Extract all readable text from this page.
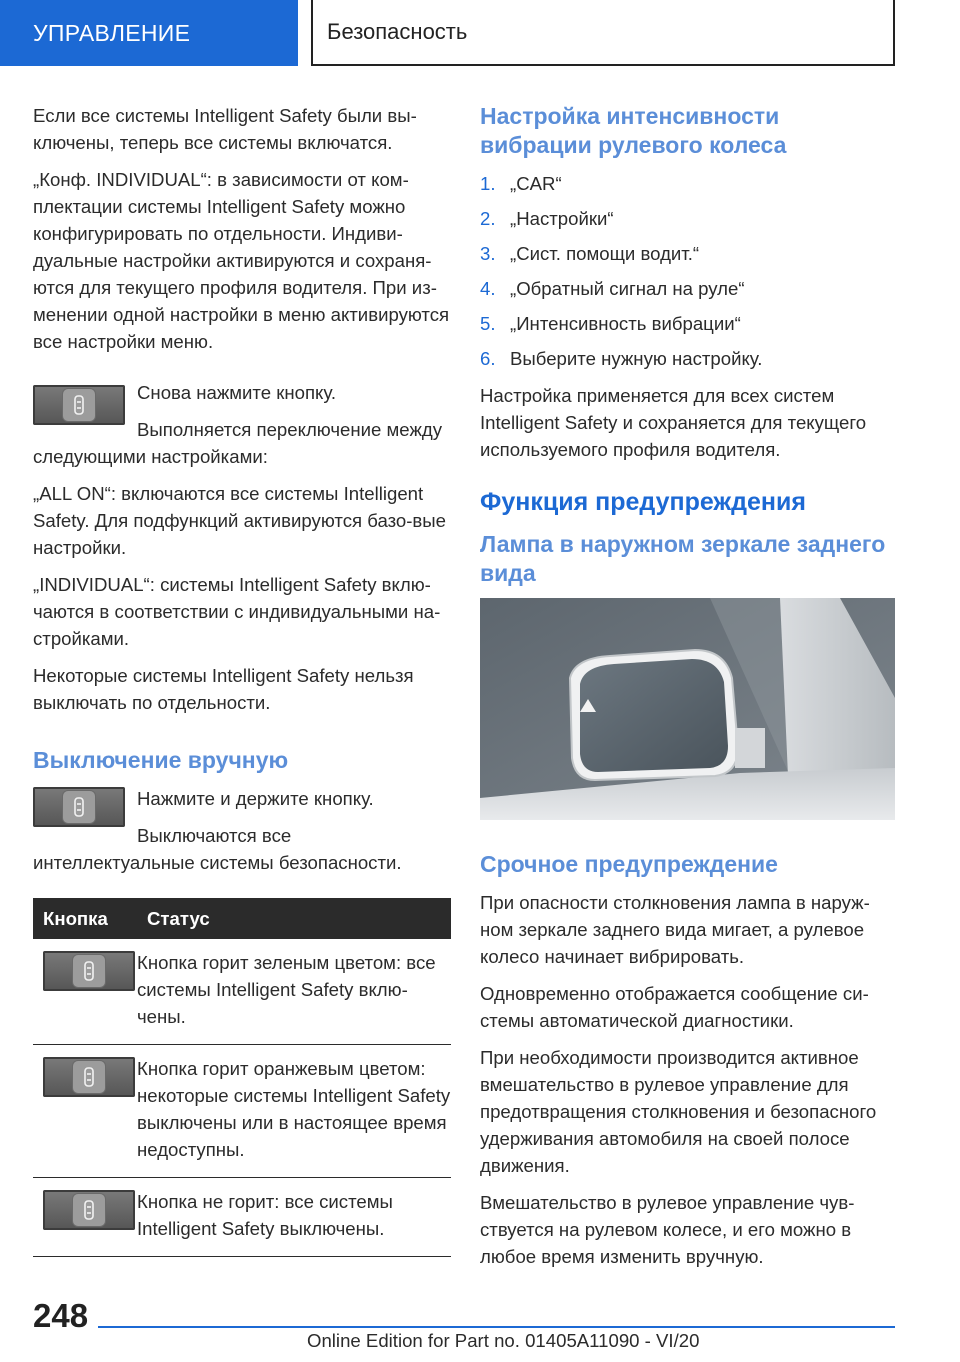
УПРАВЛЕНИЕ	Безопасность

Если все системы Intelligent Safety были вы-ключены, теперь все системы включатся.

„Конф. INDIVIDUAL“: в зависимости от ком-плектации системы Intelligent Safety можно конфигурировать по отдельности. Индиви-дуальные настройки активируются и сохраня-ются для текущего профиля водителя. При из-менении одной настройки в меню активируются все настройки меню.

Снова нажмите кнопку.

Выполняется переключение между следующими настройками:

„ALL ON“: включаются все системы Intelligent Safety. Для подфункций активируются базо-вые настройки.

„INDIVIDUAL“: системы Intelligent Safety вклю-чаются в соответствии с индивидуальными на-стройками.

Некоторые системы Intelligent Safety нельзя выключать по отдельности.

Выключение вручную

Нажмите и держите кнопку.

Выключаются все интеллектуальные системы безопасности.

Кнопка	Статус

	Кнопка горит зеленым цветом: все системы Intelligent Safety вклю-чены.

	Кнопка горит оранжевым цветом: некоторые системы Intelligent Safety выключены или в настоящее время недоступны.

	Кнопка не горит: все системы Intelligent Safety выключены.
Настройка интенсивности вибрации рулевого колеса
1. „CAR“
2. „Настройки“
3. „Сист. помощи водит.“
4. „Обратный сигнал на руле“
5. „Интенсивность вибрации“
6. Выберите нужную настройку.

Настройка применяется для всех систем Intelligent Safety и сохраняется для текущего используемого профиля водителя.

Функция предупреждения
Лампа в наружном зеркале заднего вида
Срочное предупреждение

При опасности столкновения лампа в наруж-ном зеркале заднего вида мигает, а рулевое колесо начинает вибрировать.

Одновременно отображается сообщение си-стемы автоматической диагностики.

При необходимости производится активное вмешательство в рулевое управление для предотвращения столкновения и безопасного удерживания автомобиля на своей полосе движения.

Вмешательство в рулевое управление чув-ствуется на рулевом колесе, и его можно в любое время изменить вручную.

248
Online Edition for Part no. 01405A11090 - VI/20
